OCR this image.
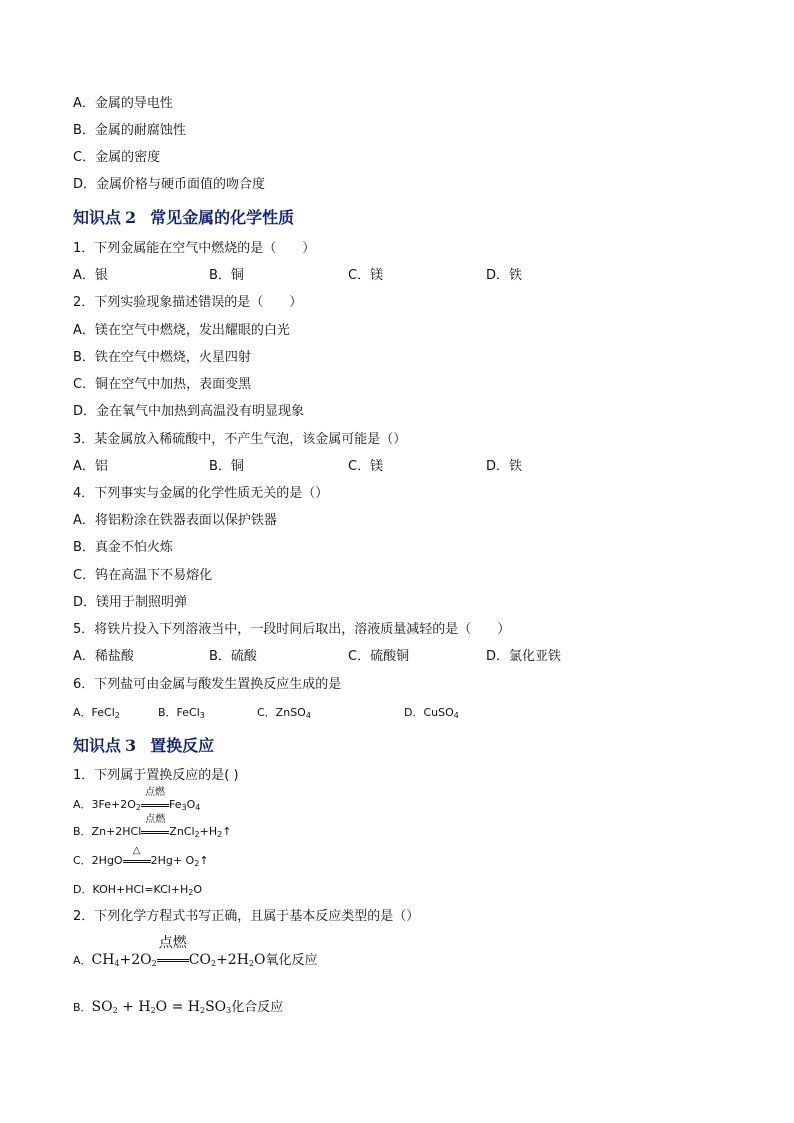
A．金属的导电性
B．金属的耐腐蚀性
C．金属的密度
D．金属价格与硬币面值的吻合度
知识点 2 常见金属的化学性质
1．下列金属能在空气中燃烧的是（　　）
A．银	B．铜	C．镁	D．铁
2．下列实验现象描述错误的是（　　）
A．镁在空气中燃烧，发出耀眼的白光
B．铁在空气中燃烧，火星四射
C．铜在空气中加热，表面变黑
D．金在氧气中加热到高温没有明显现象
3．某金属放入稀硫酸中，不产生气泡，该金属可能是（）
A．铝	B．铜	C．镁	D．铁
4．下列事实与金属的化学性质无关的是（）
A．将铝粉涂在铁器表面以保护铁器
B．真金不怕火炼
C．钨在高温下不易熔化
D．镁用于制照明弹
5．将铁片投入下列溶液当中，一段时间后取出，溶液质量减轻的是（　　）
A．稀盐酸	B．硫酸	C．硫酸铜	D．氯化亚铁
6．下列盐可由金属与酸发生置换反应生成的是
A．FeCl$_2$	B．FeCl$_3$	C．ZnSO$_4$	D．CuSO$_4$
知识点 3 置换反应
1．下列属于置换反应的是( )
A．$3Fe+2O_2$
点燃
$Fe_3O_4$
B．Zn+2HCl
点燃
$ZnCl_2+H_2↑$
C．2HgO
△
$2Hg+ O_2↑$
D．$KOH+HCl=KCl+H_2O$
2．下列化学方程式书写正确，且属于基本反应类型的是（）
A．$CH_4+2O_2$
点燃
$CO_2+2H_2O$氧化反应
B．$SO_2 + H_2O = H_2SO_3$化合反应
